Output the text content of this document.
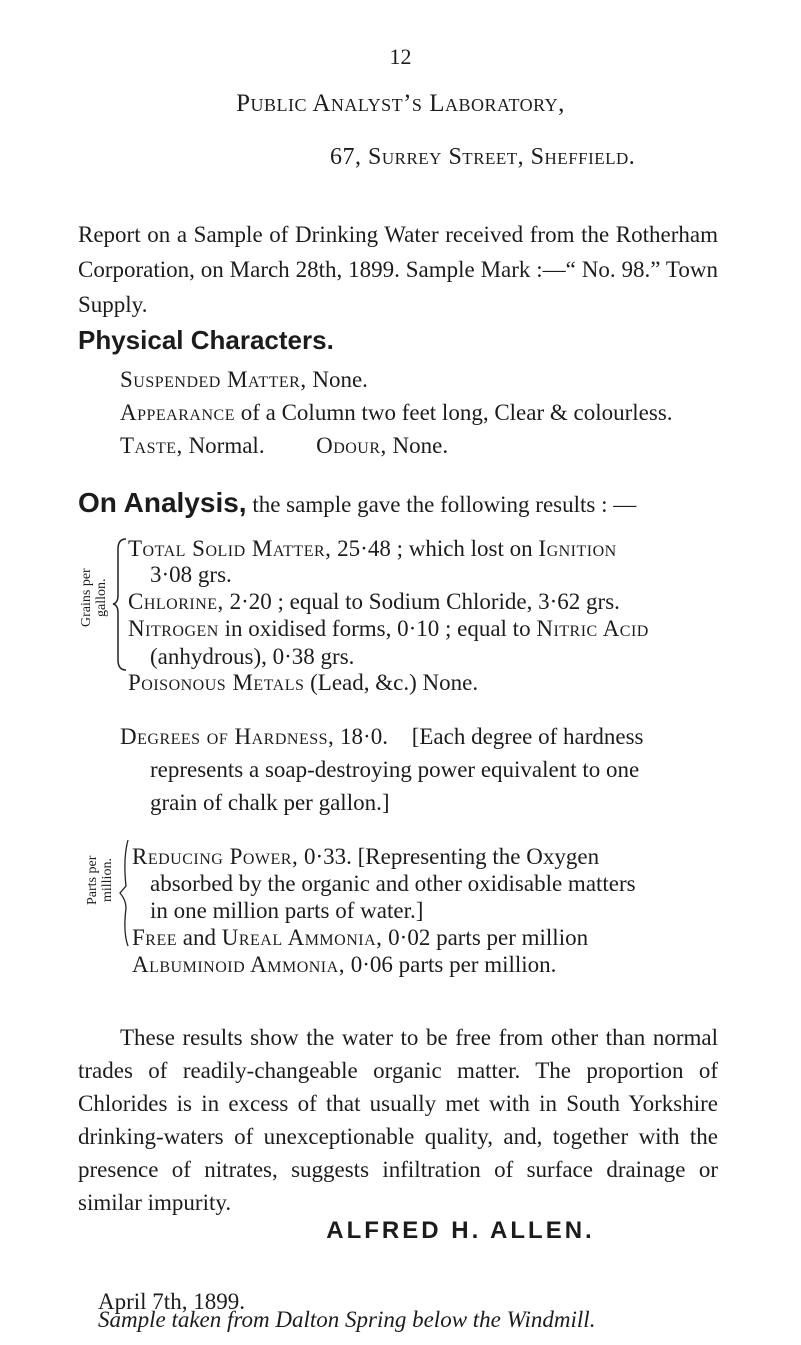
12
Public Analyst’s Laboratory,
67, Surrey Street, Sheffield.
Report on a Sample of Drinking Water received from the Rotherham Corporation, on March 28th, 1899. Sample Mark :—“ No. 98.” Town Supply.
Physical Characters.
Suspended Matter, None.
Appearance of a Column two feet long, Clear & colourless.
Taste, Normal. Odour, None.
On Analysis, the sample gave the following results : —
Grains per gallon.
Total Solid Matter, 25·48 ; which lost on Ignition
3·08 grs.
Chlorine, 2·20 ; equal to Sodium Chloride, 3·62 grs.
Nitrogen in oxidised forms, 0·10 ; equal to Nitric Acid
(anhydrous), 0·38 grs.
Poisonous Metals (Lead, &c.) None.
Degrees of Hardness, 18·0. [Each degree of hardness
represents a soap-destroying power equivalent to one
grain of chalk per gallon.]
Parts per million.
Reducing Power, 0·33. [Representing the Oxygen
absorbed by the organic and other oxidisable matters
in one million parts of water.]
Free and Ureal Ammonia, 0·02 parts per million
Albuminoid Ammonia, 0·06 parts per million.
These results show the water to be free from other than normal trades of readily-changeable organic matter. The proportion of Chlorides is in excess of that usually met with in South Yorkshire drinking-waters of unexceptionable quality, and, together with the presence of nitrates, suggests infiltration of surface drainage or similar impurity.
ALFRED H. ALLEN.
April 7th, 1899.
Sample taken from Dalton Spring below the Windmill.
